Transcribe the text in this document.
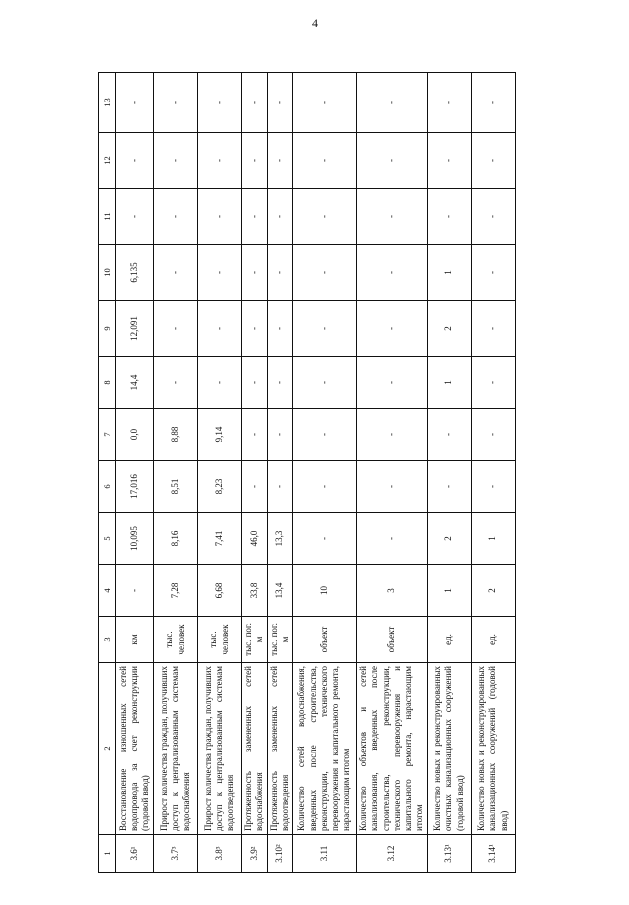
4
1	2	3	4	5	6	7	8	9	10	11	12	13
3.6¹	Восстановление изношенных сетей водопровода за счет реконструкции (годовой ввод)	км	-	10,095	17,016	0,0	14,4	12,091	6,135	-	-	-
3.7³	Прирост количества граждан, получивших доступ к централизованным системам водоснабжения	тыс. человек	7,28	8,16	8,51	8,88	-	-	-	-	-	-
3.8³	Прирост количества граждан, получивших доступ к централизованным системам водоотведения	тыс. человек	6,68	7,41	8,23	9,14	-	-	-	-	-	-
3.9²	Протяженность замененных сетей водоснабжения	тыс. пог. м	33,8	46,0	-	-	-	-	-	-	-	-
3.10²	Протяженность замененных сетей водоотведения	тыс. пог. м	13,4	13,3	-	-	-	-	-	-	-	-
3.11	Количество сетей водоснабжения, введенных после строительства, реконструкции, технического перевооружения и капитального ремонта, нарастающим итогом	объект	10	-	-	-	-	-	-	-	-	-
3.12	Количество объектов и сетей канализования, введенных после строительства, реконструкции, технического перевооружения и капитального ремонта, нарастающим итогом	объект	3	-	-	-	-	-	-	-	-	-
3.13¹	Количество новых и реконструированных очистных канализационных сооружений (годовой ввод)	ед.	1	2	-	-	1	2	1	-	-	-
3.14¹	Количество новых и реконструированных канализационных сооружений (годовой ввод)	ед.	2	1	-	-	-	-	-	-	-	-
